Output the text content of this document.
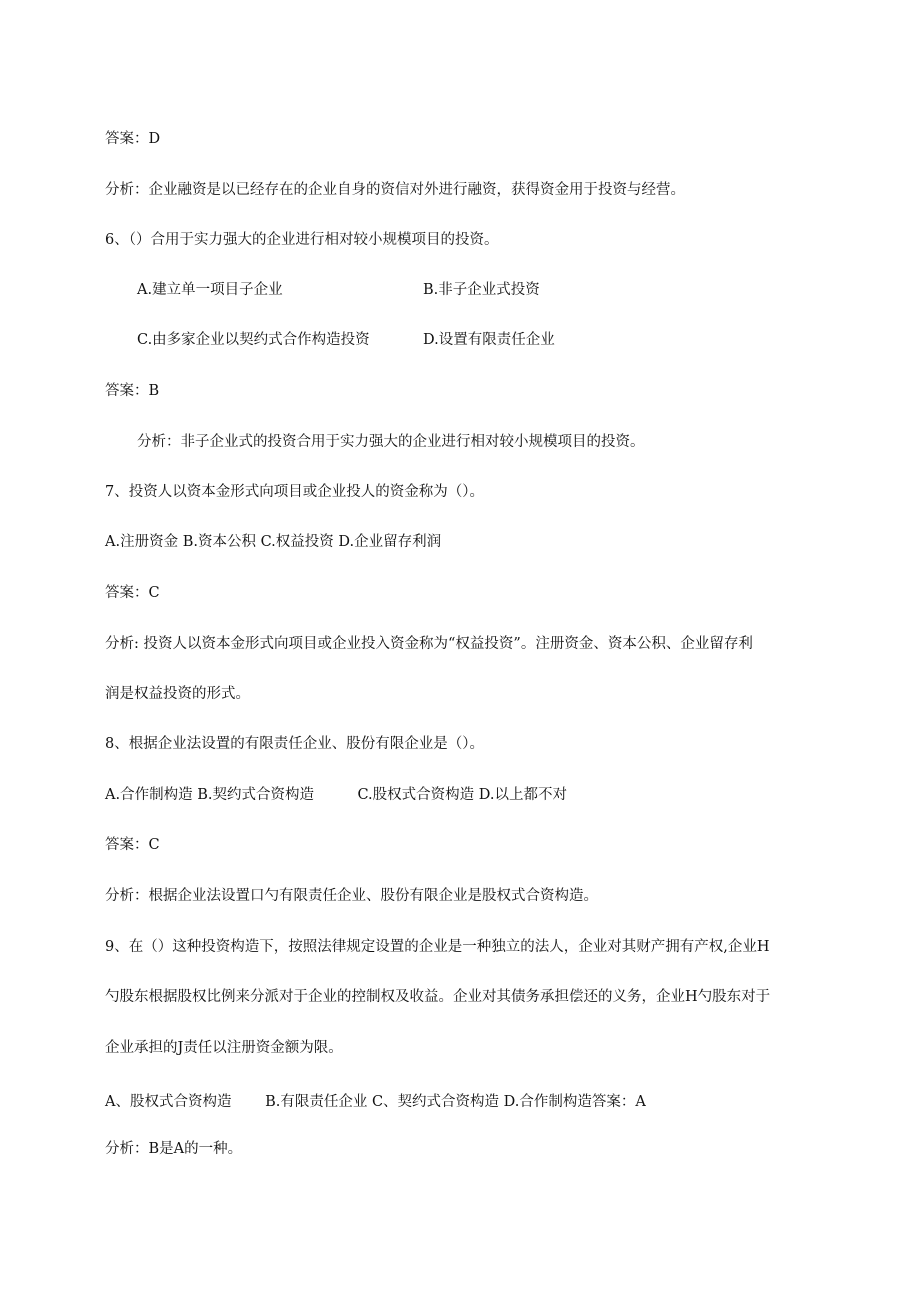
答案：D
分析：企业融资是以已经存在的企业自身的资信对外进行融资，获得资金用于投资与经营。
6、（）合用于实力强大的企业进行相对较小规模项目的投资。
A.建立单一项目子企业	B.非子企业式投资
C.由多家企业以契约式合作构造投资	D.设置有限责任企业
答案：B
分析：非子企业式的投资合用于实力强大的企业进行相对较小规模项目的投资。
7、投资人以资本金形式向项目或企业投人的资金称为（）。
A.注册资金 B.资本公积 C.权益投资 D.企业留存利润
答案：C
分析: 投资人以资本金形式向项目或企业投入资金称为“权益投资”。注册资金、资本公积、企业留存利
润是权益投资的形式。
8、根据企业法设置的有限责任企业、股份有限企业是（）。
A.合作制构造 B.契约式合资构造　　　C.股权式合资构造 D.以上都不对
答案：C
分析：根据企业法设置口勺有限责任企业、股份有限企业是股权式合资构造。
9、在（）这种投资构造下，按照法律规定设置的企业是一种独立的法人，企业对其财产拥有产权,企业H
勺股东根据股权比例来分派对于企业的控制权及收益。企业对其债务承担偿还的义务，企业H勺股东对于
企业承担的J责任以注册资金额为限。
A、股权式合资构造　　 B.有限责任企业 C、契约式合资构造 D.合作制构造答案：A
分析：B是A的一种。
